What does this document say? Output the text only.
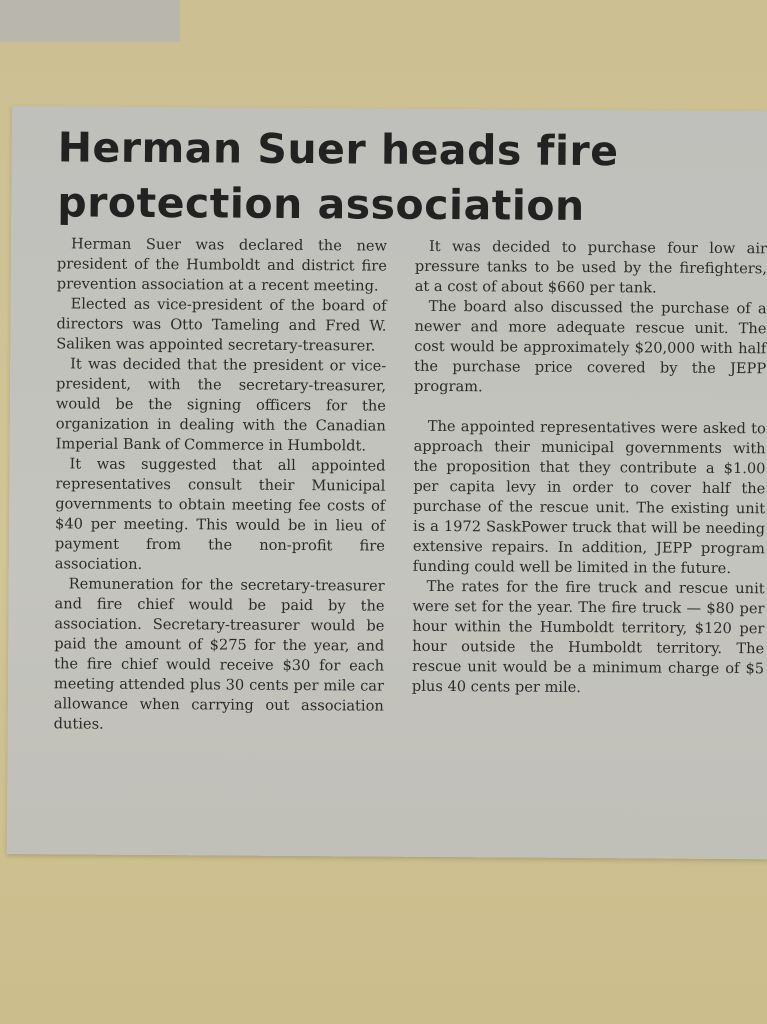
Herman Suer heads fire protection association

Herman Suer was declared the new president of the Humboldt and district fire prevention association at a recent meeting.

Elected as vice-president of the board of directors was Otto Tameling and Fred W. Saliken was appointed secretary-treasurer.

It was decided that the president or vice-president, with the secretary-treasurer, would be the signing officers for the organization in dealing with the Canadian Imperial Bank of Commerce in Humboldt.

It was suggested that all appointed representatives consult their Municipal governments to obtain meeting fee costs of $40 per meeting. This would be in lieu of payment from the non-profit fire association.

Remuneration for the secretary-treasurer and fire chief would be paid by the association. Secretary-treasurer would be paid the amount of $275 for the year, and the fire chief would receive $30 for each meeting attended plus 30 cents per mile car allowance when carrying out association duties.

It was decided to purchase four low air pressure tanks to be used by the firefighters, at a cost of about $660 per tank.

The board also discussed the purchase of a newer and more adequate rescue unit. The cost would be approximately $20,000 with half the purchase price covered by the JEPP program.

The appointed representatives were asked to approach their municipal governments with the proposition that they contribute a $1.00 per capita levy in order to cover half the purchase of the rescue unit. The existing unit is a 1972 SaskPower truck that will be needing extensive repairs. In addition, JEPP program funding could well be limited in the future.

The rates for the fire truck and rescue unit were set for the year. The fire truck — $80 per hour within the Humboldt territory, $120 per hour outside the Humboldt territory. The rescue unit would be a minimum charge of $5 plus 40 cents per mile.
